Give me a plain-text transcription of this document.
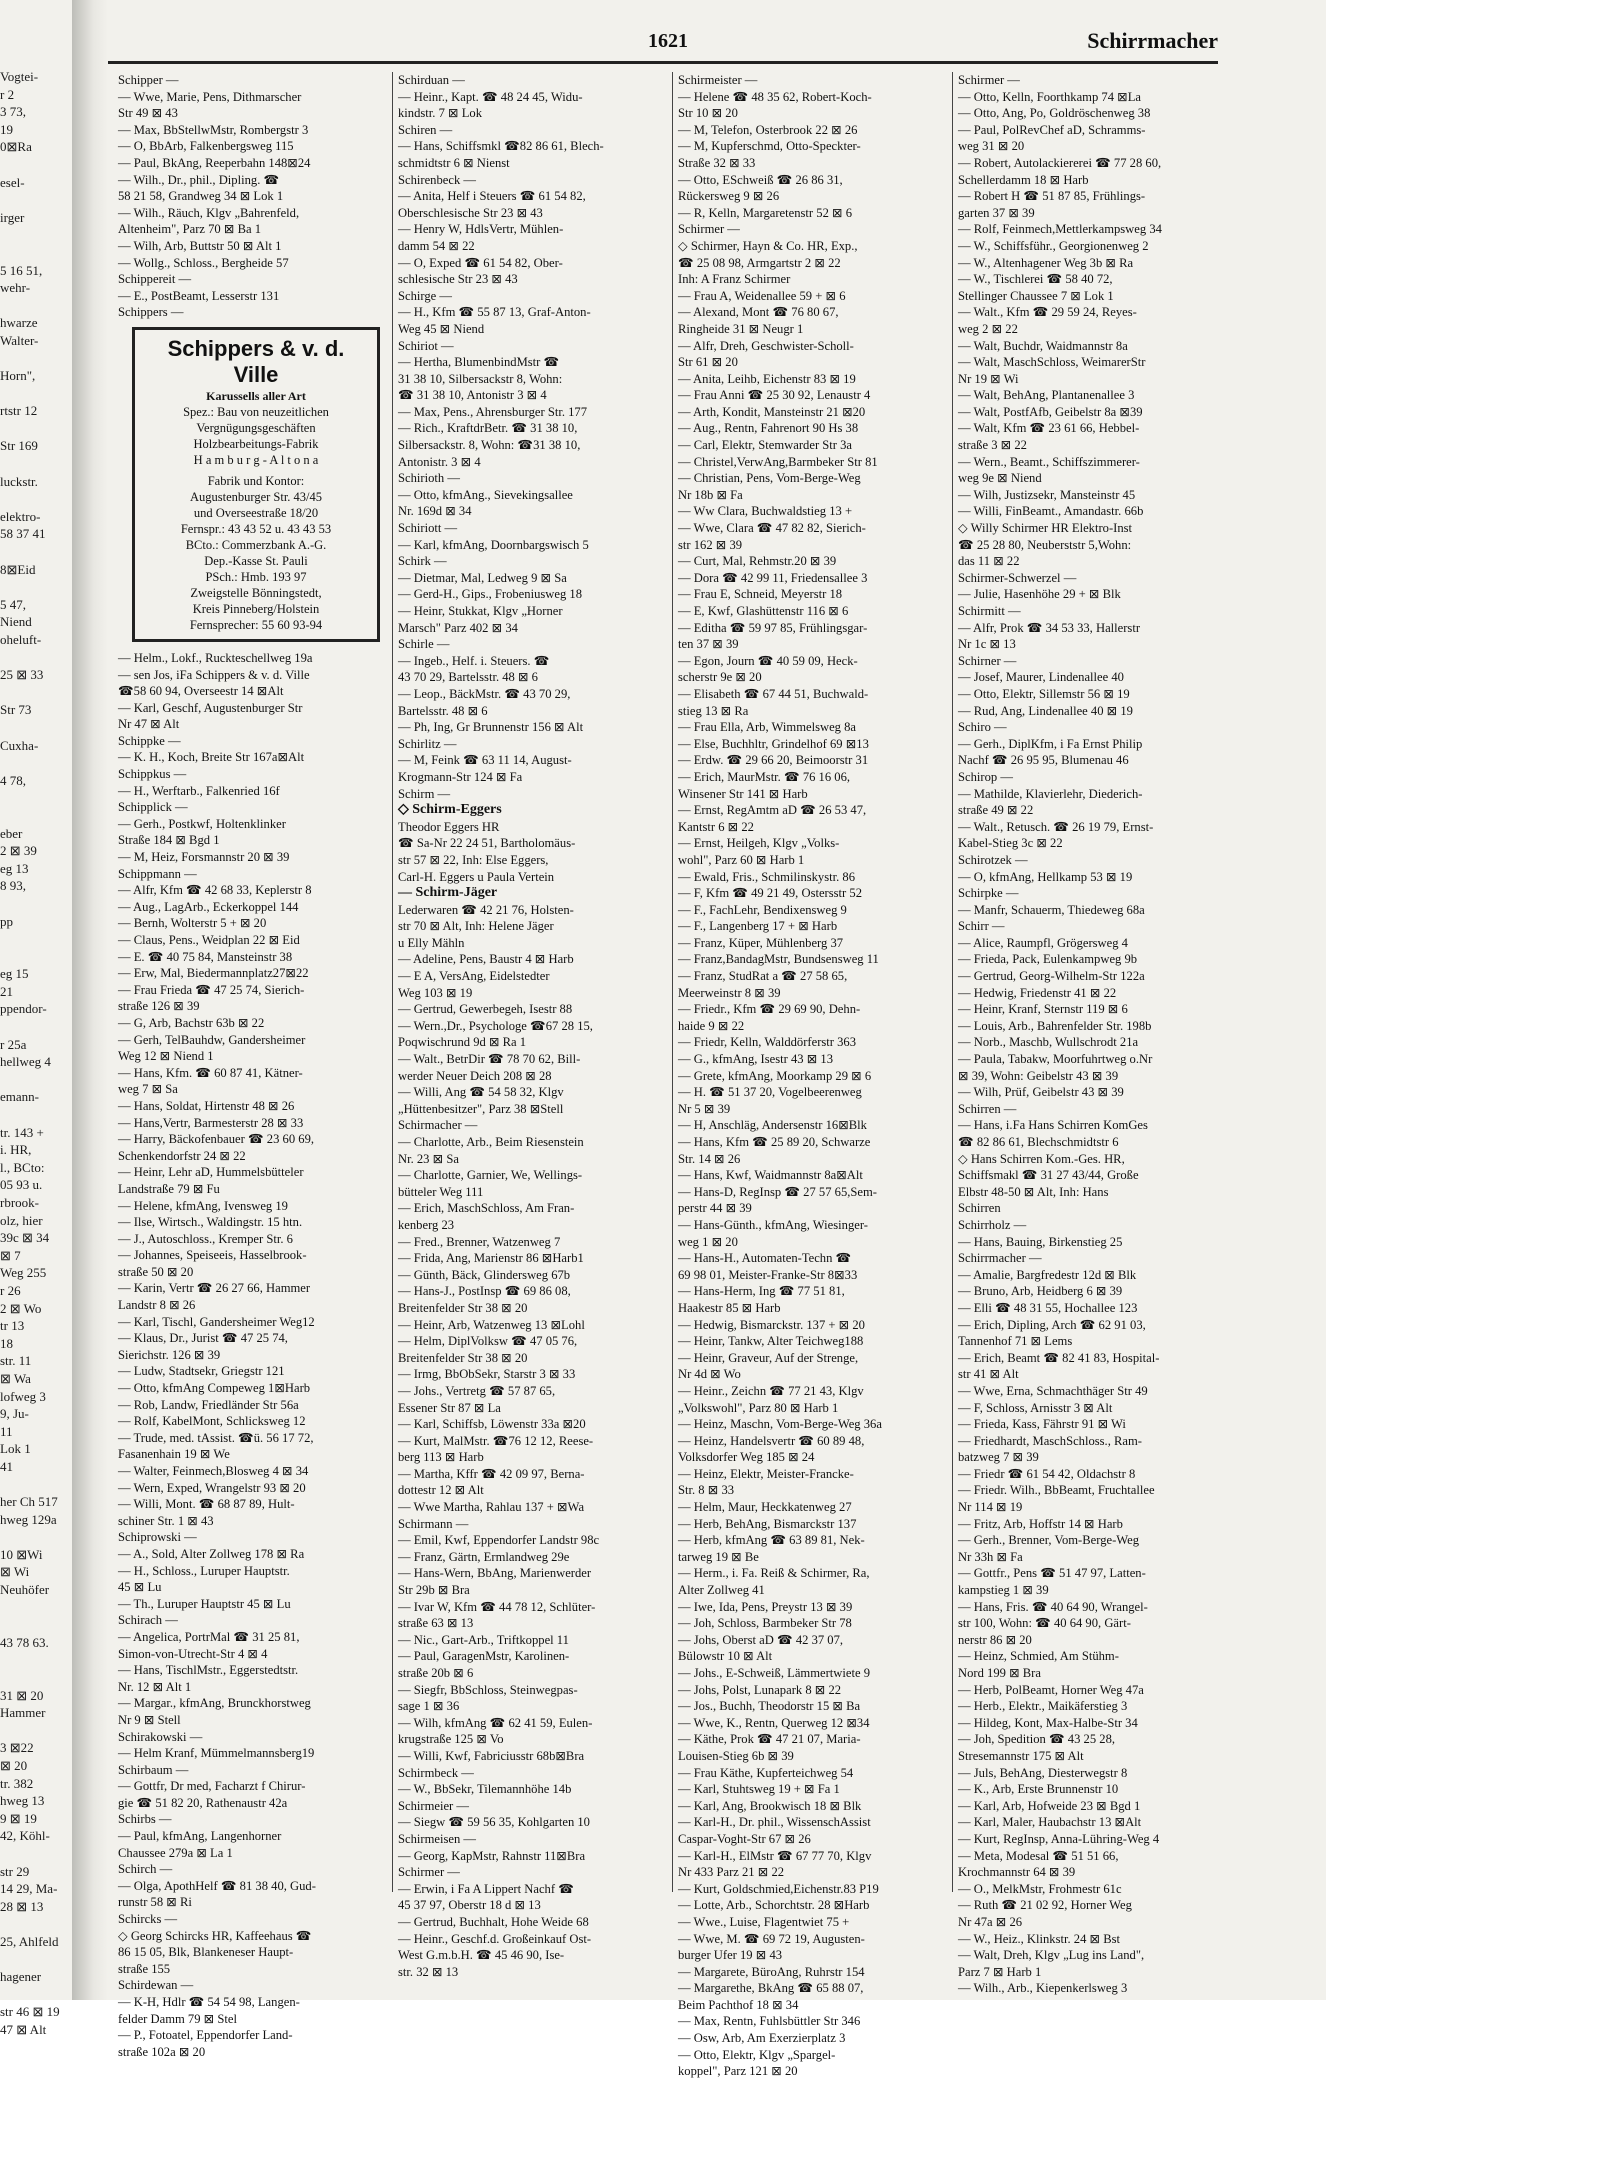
Vogtei-
r 2
3 73,
19
0⊠Ra
esel-
irger
5 16 51,
wehr-
hwarze
Walter-
Horn",
rtstr 12
Str 169
luckstr.
elektro-
58 37 41
8⊠Eid
5 47,
Niend
oheluft-
25 ⊠ 33
Str 73
Cuxha-
4 78,
eber
2 ⊠ 39
eg 13
8 93,
pp
eg 15
21
ppendor-
r 25a
hellweg 4
emann-
tr. 143 +
i. HR,
l., BCto:
05 93 u.
rbrook-
olz, hier
39c ⊠ 34
⊠ 7
Weg 255
r 26
2 ⊠ Wo
tr 13
18
str. 11
⊠ Wa
lofweg 3
9, Ju-
11
Lok 1
41
her Ch 517
hweg 129a
10 ⊠Wi
⊠ Wi
Neuhöfer
43 78 63.
31 ⊠ 20
Hammer
3 ⊠22
⊠ 20
tr. 382
hweg 13
9 ⊠ 19
42, Köhl-
str 29
14 29, Ma-
28 ⊠ 13
25, Ahlfeld
hagener
str 46 ⊠ 19
47 ⊠ Alt
1621	Schirrmacher
Schipper —
— Wwe, Marie, Pens, Dithmarscher
Str 49 ⊠ 43
— Max, BbStellwMstr, Rombergstr 3
— O, BbArb, Falkenbergsweg 115
— Paul, BkAng, Reeperbahn 148⊠24
— Wilh., Dr., phil., Dipling. ☎
58 21 58, Grandweg 34 ⊠ Lok 1
— Wilh., Räuch, Klgv „Bahrenfeld,
Altenheim", Parz 70 ⊠ Ba 1
— Wilh, Arb, Buttstr 50 ⊠ Alt 1
— Wollg., Schloss., Bergheide 57
Schippereit —
— E., PostBeamt, Lesserstr 131
Schippers —
Schippers & v. d. Ville
Karussells aller Art
Spez.: Bau von neuzeitlichen
Vergnügungsgeschäften
Holzbearbeitungs-Fabrik
H a m b u r g - A l t o n a
Fabrik und Kontor:
Augustenburger Str. 43/45
und Overseestraße 18/20
Fernspr.: 43 43 52 u. 43 43 53
BCto.: Commerzbank A.-G.
Dep.-Kasse St. Pauli
PSch.: Hmb. 193 97
Zweigstelle Bönningstedt,
Kreis Pinneberg/Holstein
Fernsprecher: 55 60 93-94
— Helm., Lokf., Ruckteschellweg 19a
— sen Jos, iFa Schippers & v. d. Ville
☎58 60 94, Overseestr 14 ⊠Alt
— Karl, Geschf, Augustenburger Str
Nr 47 ⊠ Alt
Schippke —
— K. H., Koch, Breite Str 167a⊠Alt
Schippkus —
— H., Werftarb., Falkenried 16f
Schipplick —
— Gerh., Postkwf, Holtenklinker
Straße 184 ⊠ Bgd 1
— M, Heiz, Forsmannstr 20 ⊠ 39
Schippmann —
— Alfr, Kfm ☎ 42 68 33, Keplerstr 8
— Aug., LagArb., Eckerkoppel 144
— Bernh, Wolterstr 5 + ⊠ 20
— Claus, Pens., Weidplan 22 ⊠ Eid
— E. ☎ 40 75 84, Mansteinstr 38
— Erw, Mal, Biedermannplatz27⊠22
— Frau Frieda ☎ 47 25 74, Sierich-
straße 126 ⊠ 39
— G, Arb, Bachstr 63b ⊠ 22
— Gerh, TelBauhdw, Gandersheimer
Weg 12 ⊠ Niend 1
— Hans, Kfm. ☎ 60 87 41, Kätner-
weg 7 ⊠ Sa
— Hans, Soldat, Hirtenstr 48 ⊠ 26
— Hans,Vertr, Barmesterstr 28 ⊠ 33
— Harry, Bäckofenbauer ☎ 23 60 69,
Schenkendorfstr 24 ⊠ 22
— Heinr, Lehr aD, Hummelsbütteler
Landstraße 79 ⊠ Fu
— Helene, kfmAng, Ivensweg 19
— Ilse, Wirtsch., Waldingstr. 15 htn.
— J., Autoschloss., Kremper Str. 6
— Johannes, Speiseeis, Hasselbrook-
straße 50 ⊠ 20
— Karin, Vertr ☎ 26 27 66, Hammer
Landstr 8 ⊠ 26
— Karl, Tischl, Gandersheimer Weg12
— Klaus, Dr., Jurist ☎ 47 25 74,
Sierichstr. 126 ⊠ 39
— Ludw, Stadtsekr, Griegstr 121
— Otto, kfmAng Compeweg 1⊠Harb
— Rob, Landw, Friedländer Str 56a
— Rolf, KabelMont, Schlicksweg 12
— Trude, med. tAssist. ☎ü. 56 17 72,
Fasanenhain 19 ⊠ We
— Walter, Feinmech,Blosweg 4 ⊠ 34
— Wern, Exped, Wrangelstr 93 ⊠ 20
— Willi, Mont. ☎ 68 87 89, Hult-
schiner Str. 1 ⊠ 43
Schiprowski —
— A., Sold, Alter Zollweg 178 ⊠ Ra
— H., Schloss., Luruper Hauptstr.
45 ⊠ Lu
— Th., Luruper Hauptstr 45 ⊠ Lu
Schirach —
— Angelica, PortrMal ☎ 31 25 81,
Simon-von-Utrecht-Str 4 ⊠ 4
— Hans, TischlMstr., Eggerstedtstr.
Nr. 12 ⊠ Alt 1
— Margar., kfmAng, Brunckhorstweg
Nr 9 ⊠ Stell
Schirakowski —
— Helm Kranf, Mümmelmannsberg19
Schirbaum —
— Gottfr, Dr med, Facharzt f Chirur-
gie ☎ 51 82 20, Rathenaustr 42a
Schirbs —
— Paul, kfmAng, Langenhorner
Chaussee 279a ⊠ La 1
Schirch —
— Olga, ApothHelf ☎ 81 38 40, Gud-
runstr 58 ⊠ Ri
Schircks —
◇ Georg Schircks HR, Kaffeehaus ☎
86 15 05, Blk, Blankeneser Haupt-
straße 155
Schirdewan —
— K-H, Hdlr ☎ 54 54 98, Langen-
felder Damm 79 ⊠ Stel
— P., Fotoatel, Eppendorfer Land-
straße 102a ⊠ 20
Schirduan —
— Heinr., Kapt. ☎ 48 24 45, Widu-
kindstr. 7 ⊠ Lok
Schiren —
— Hans, Schiffsmkl ☎82 86 61, Blech-
schmidtstr 6 ⊠ Nienst
Schirenbeck —
— Anita, Helf i Steuers ☎ 61 54 82,
Oberschlesische Str 23 ⊠ 43
— Henry W, HdlsVertr, Mühlen-
damm 54 ⊠ 22
— O, Exped ☎ 61 54 82, Ober-
schlesische Str 23 ⊠ 43
Schirge —
— H., Kfm ☎ 55 87 13, Graf-Anton-
Weg 45 ⊠ Niend
Schiriot —
— Hertha, BlumenbindMstr ☎
31 38 10, Silbersackstr 8, Wohn:
☎ 31 38 10, Antonistr 3 ⊠ 4
— Max, Pens., Ahrensburger Str. 177
— Rich., KraftdrBetr. ☎ 31 38 10,
Silbersackstr. 8, Wohn: ☎31 38 10,
Antonistr. 3 ⊠ 4
Schirioth —
— Otto, kfmAng., Sievekingsallee
Nr. 169d ⊠ 34
Schiriott —
— Karl, kfmAng, Doornbargswisch 5
Schirk —
— Dietmar, Mal, Ledweg 9 ⊠ Sa
— Gerd-H., Gips., Frobeniusweg 18
— Heinr, Stukkat, Klgv „Horner
Marsch" Parz 402 ⊠ 34
Schirle —
— Ingeb., Helf. i. Steuers. ☎
43 70 29, Bartelsstr. 48 ⊠ 6
— Leop., BäckMstr. ☎ 43 70 29,
Bartelsstr. 48 ⊠ 6
— Ph, Ing, Gr Brunnenstr 156 ⊠ Alt
Schirlitz —
— M, Feink ☎ 63 11 14, August-
Krogmann-Str 124 ⊠ Fa
Schirm —
◇ Schirm-Eggers
Theodor Eggers HR
☎ Sa-Nr 22 24 51, Bartholomäus-
str 57 ⊠ 22, Inh: Else Eggers,
Carl-H. Eggers u Paula Vertein
— Schirm-Jäger
Lederwaren ☎ 42 21 76, Holsten-
str 70 ⊠ Alt, Inh: Helene Jäger
u Elly Mähln
— Adeline, Pens, Baustr 4 ⊠ Harb
— E A, VersAng, Eidelstedter
Weg 103 ⊠ 19
— Gertrud, Gewerbegeh, Isestr 88
— Wern.,Dr., Psychologe ☎67 28 15,
Poqwischrund 9d ⊠ Ra 1
— Walt., BetrDir ☎ 78 70 62, Bill-
werder Neuer Deich 208 ⊠ 28
— Willi, Ang ☎ 54 58 32, Klgv
„Hüttenbesitzer", Parz 38 ⊠Stell
Schirmacher —
— Charlotte, Arb., Beim Riesenstein
Nr. 23 ⊠ Sa
— Charlotte, Garnier, We, Wellings-
bütteler Weg 111
— Erich, MaschSchloss, Am Fran-
kenberg 23
— Fred., Brenner, Watzenweg 7
— Frida, Ang, Marienstr 86 ⊠Harb1
— Günth, Bäck, Glindersweg 67b
— Hans-J., PostInsp ☎ 69 86 08,
Breitenfelder Str 38 ⊠ 20
— Heinr, Arb, Watzenweg 13 ⊠Lohl
— Helm, DiplVolksw ☎ 47 05 76,
Breitenfelder Str 38 ⊠ 20
— Irmg, BbObSekr, Starstr 3 ⊠ 33
— Johs., Vertretg ☎ 57 87 65,
Essener Str 87 ⊠ La
— Karl, Schiffsb, Löwenstr 33a ⊠20
— Kurt, MalMstr. ☎76 12 12, Reese-
berg 113 ⊠ Harb
— Martha, Kffr ☎ 42 09 97, Berna-
dottestr 12 ⊠ Alt
— Wwe Martha, Rahlau 137 + ⊠Wa
Schirmann —
— Emil, Kwf, Eppendorfer Landstr 98c
— Franz, Gärtn, Ermlandweg 29e
— Hans-Wern, BbAng, Marienwerder
Str 29b ⊠ Bra
— Ivar W, Kfm ☎ 44 78 12, Schlüter-
straße 63 ⊠ 13
— Nic., Gart-Arb., Triftkoppel 11
— Paul, GaragenMstr, Karolinen-
straße 20b ⊠ 6
— Siegfr, BbSchloss, Steinwegpas-
sage 1 ⊠ 36
— Wilh, kfmAng ☎ 62 41 59, Eulen-
krugstraße 125 ⊠ Vo
— Willi, Kwf, Fabriciusstr 68b⊠Bra
Schirmbeck —
— W., BbSekr, Tilemannhöhe 14b
Schirmeier —
— Siegw ☎ 59 56 35, Kohlgarten 10
Schirmeisen —
— Georg, KapMstr, Rahnstr 11⊠Bra
Schirmer —
— Erwin, i Fa A Lippert Nachf ☎
45 37 97, Oberstr 18 d ⊠ 13
— Gertrud, Buchhalt, Hohe Weide 68
— Heinr., Geschf.d. Großeinkauf Ost-
West G.m.b.H. ☎ 45 46 90, Ise-
str. 32 ⊠ 13
Schirmeister —
— Helene ☎ 48 35 62, Robert-Koch-
Str 10 ⊠ 20
— M, Telefon, Osterbrook 22 ⊠ 26
— M, Kupferschmd, Otto-Speckter-
Straße 32 ⊠ 33
— Otto, ESchweiß ☎ 26 86 31,
Rückersweg 9 ⊠ 26
— R, Kelln, Margaretenstr 52 ⊠ 6
Schirmer —
◇ Schirmer, Hayn & Co. HR, Exp.,
☎ 25 08 98, Armgartstr 2 ⊠ 22
Inh: A Franz Schirmer
— Frau A, Weidenallee 59 + ⊠ 6
— Alexand, Mont ☎ 76 80 67,
Ringheide 31 ⊠ Neugr 1
— Alfr, Dreh, Geschwister-Scholl-
Str 61 ⊠ 20
— Anita, Leihb, Eichenstr 83 ⊠ 19
— Frau Anni ☎ 25 30 92, Lenaustr 4
— Arth, Kondit, Mansteinstr 21 ⊠20
— Aug., Rentn, Fahrenort 90 Hs 38
— Carl, Elektr, Stemwarder Str 3a
— Christel,VerwAng,Barmbeker Str 81
— Christian, Pens, Vom-Berge-Weg
Nr 18b ⊠ Fa
— Ww Clara, Buchwaldstieg 13 +
— Wwe, Clara ☎ 47 82 82, Sierich-
str 162 ⊠ 39
— Curt, Mal, Rehmstr.20 ⊠ 39
— Dora ☎ 42 99 11, Friedensallee 3
— Frau E, Schneid, Meyerstr 18
— E, Kwf, Glashüttenstr 116 ⊠ 6
— Editha ☎ 59 97 85, Frühlingsgar-
ten 37 ⊠ 39
— Egon, Journ ☎ 40 59 09, Heck-
scherstr 9e ⊠ 20
— Elisabeth ☎ 67 44 51, Buchwald-
stieg 13 ⊠ Ra
— Frau Ella, Arb, Wimmelsweg 8a
— Else, Buchhltr, Grindelhof 69 ⊠13
— Erdw. ☎ 29 66 20, Beimoorstr 31
— Erich, MaurMstr. ☎ 76 16 06,
Winsener Str 141 ⊠ Harb
— Ernst, RegAmtm aD ☎ 26 53 47,
Kantstr 6 ⊠ 22
— Ernst, Heilgeh, Klgv „Volks-
wohl", Parz 60 ⊠ Harb 1
— Ewald, Fris., Schmilinskystr. 86
— F, Kfm ☎ 49 21 49, Ostersstr 52
— F., FachLehr, Bendixensweg 9
— F., Langenberg 17 + ⊠ Harb
— Franz, Küper, Mühlenberg 37
— Franz,BandagMstr, Bundsensweg 11
— Franz, StudRat a ☎ 27 58 65,
Meerweinstr 8 ⊠ 39
— Friedr., Kfm ☎ 29 69 90, Dehn-
haide 9 ⊠ 22
— Friedr, Kelln, Walddörferstr 363
— G., kfmAng, Isestr 43 ⊠ 13
— Grete, kfmAng, Moorkamp 29 ⊠ 6
— H. ☎ 51 37 20, Vogelbeerenweg
Nr 5 ⊠ 39
— H, Anschläg, Andersenstr 16⊠Blk
— Hans, Kfm ☎ 25 89 20, Schwarze
Str. 14 ⊠ 26
— Hans, Kwf, Waidmannstr 8a⊠Alt
— Hans-D, RegInsp ☎ 27 57 65,Sem-
perstr 44 ⊠ 39
— Hans-Günth., kfmAng, Wiesinger-
weg 1 ⊠ 20
— Hans-H., Automaten-Techn ☎
69 98 01, Meister-Franke-Str 8⊠33
— Hans-Herm, Ing ☎ 77 51 81,
Haakestr 85 ⊠ Harb
— Hedwig, Bismarckstr. 137 + ⊠ 20
— Heinr, Tankw, Alter Teichweg188
— Heinr, Graveur, Auf der Strenge,
Nr 4d ⊠ Wo
— Heinr., Zeichn ☎ 77 21 43, Klgv
„Volkswohl", Parz 80 ⊠ Harb 1
— Heinz, Maschn, Vom-Berge-Weg 36a
— Heinz, Handelsvertr ☎ 60 89 48,
Volksdorfer Weg 185 ⊠ 24
— Heinz, Elektr, Meister-Francke-
Str. 8 ⊠ 33
— Helm, Maur, Heckkatenweg 27
— Herb, BehAng, Bismarckstr 137
— Herb, kfmAng ☎ 63 89 81, Nek-
tarweg 19 ⊠ Be
— Herm., i. Fa. Reiß & Schirmer, Ra,
Alter Zollweg 41
— Iwe, Ida, Pens, Preystr 13 ⊠ 39
— Joh, Schloss, Barmbeker Str 78
— Johs, Oberst aD ☎ 42 37 07,
Bülowstr 10 ⊠ Alt
— Johs., E-Schweiß, Lämmertwiete 9
— Johs, Polst, Lunapark 8 ⊠ 22
— Jos., Buchh, Theodorstr 15 ⊠ Ba
— Wwe, K., Rentn, Querweg 12 ⊠34
— Käthe, Prok ☎ 47 21 07, Maria-
Louisen-Stieg 6b ⊠ 39
— Frau Käthe, Kupferteichweg 54
— Karl, Stuhtsweg 19 + ⊠ Fa 1
— Karl, Ang, Brookwisch 18 ⊠ Blk
— Karl-H., Dr. phil., WissenschAssist
Caspar-Voght-Str 67 ⊠ 26
— Karl-H., ElMstr ☎ 67 77 70, Klgv
Nr 433 Parz 21 ⊠ 22
— Kurt, Goldschmied,Eichenstr.83 P19
— Lotte, Arb., Schorchtstr. 28 ⊠Harb
— Wwe., Luise, Flagentwiet 75 +
— Wwe, M. ☎ 69 72 19, Augusten-
burger Ufer 19 ⊠ 43
— Margarete, BüroAng, Ruhrstr 154
— Margarethe, BkAng ☎ 65 88 07,
Beim Pachthof 18 ⊠ 34
— Max, Rentn, Fuhlsbüttler Str 346
— Osw, Arb, Am Exerzierplatz 3
— Otto, Elektr, Klgv „Spargel-
koppel", Parz 121 ⊠ 20
Schirmer —
— Otto, Kelln, Foorthkamp 74 ⊠La
— Otto, Ang, Po, Goldröschenweg 38
— Paul, PolRevChef aD, Schramms-
weg 31 ⊠ 20
— Robert, Autolackiererei ☎ 77 28 60,
Schellerdamm 18 ⊠ Harb
— Robert H ☎ 51 87 85, Frühlings-
garten 37 ⊠ 39
— Rolf, Feinmech,Mettlerkampsweg 34
— W., Schiffsführ., Georgionenweg 2
— W., Altenhagener Weg 3b ⊠ Ra
— W., Tischlerei ☎ 58 40 72,
Stellinger Chaussee 7 ⊠ Lok 1
— Walt., Kfm ☎ 29 59 24, Reyes-
weg 2 ⊠ 22
— Walt, Buchdr, Waidmannstr 8a
— Walt, MaschSchloss, WeimarerStr
Nr 19 ⊠ Wi
— Walt, BehAng, Plantanenallee 3
— Walt, PostfAfb, Geibelstr 8a ⊠39
— Walt, Kfm ☎ 23 61 66, Hebbel-
straße 3 ⊠ 22
— Wern., Beamt., Schiffszimmerer-
weg 9e ⊠ Niend
— Wilh, Justizsekr, Mansteinstr 45
— Willi, FinBeamt., Amandastr. 66b
◇ Willy Schirmer HR Elektro-Inst
☎ 25 28 80, Neuberststr 5,Wohn:
das 11 ⊠ 22
Schirmer-Schwerzel —
— Julie, Hasenhöhe 29 + ⊠ Blk
Schirmitt —
— Alfr, Prok ☎ 34 53 33, Hallerstr
Nr 1c ⊠ 13
Schirner —
— Josef, Maurer, Lindenallee 40
— Otto, Elektr, Sillemstr 56 ⊠ 19
— Rud, Ang, Lindenallee 40 ⊠ 19
Schiro —
— Gerh., DiplKfm, i Fa Ernst Philip
Nachf ☎ 26 95 95, Blumenau 46
Schirop —
— Mathilde, Klavierlehr, Diederich-
straße 49 ⊠ 22
— Walt., Retusch. ☎ 26 19 79, Ernst-
Kabel-Stieg 3c ⊠ 22
Schirotzek —
— O, kfmAng, Hellkamp 53 ⊠ 19
Schirpke —
— Manfr, Schauerm, Thiedeweg 68a
Schirr —
— Alice, Raumpfl, Grögersweg 4
— Frieda, Pack, Eulenkampweg 9b
— Gertrud, Georg-Wilhelm-Str 122a
— Hedwig, Friedenstr 41 ⊠ 22
— Heinr, Kranf, Sternstr 119 ⊠ 6
— Louis, Arb., Bahrenfelder Str. 198b
— Norb., Maschb, Wullschrodt 21a
— Paula, Tabakw, Moorfuhrtweg o.Nr
⊠ 39, Wohn: Geibelstr 43 ⊠ 39
— Wilh, Prüf, Geibelstr 43 ⊠ 39
Schirren —
— Hans, i.Fa Hans Schirren KomGes
☎ 82 86 61, Blechschmidtstr 6
◇ Hans Schirren Kom.-Ges. HR,
Schiffsmakl ☎ 31 27 43/44, Große
Elbstr 48-50 ⊠ Alt, Inh: Hans
Schirren
Schirrholz —
— Hans, Bauing, Birkenstieg 25
Schirrmacher —
— Amalie, Bargfredestr 12d ⊠ Blk
— Bruno, Arb, Heidberg 6 ⊠ 39
— Elli ☎ 48 31 55, Hochallee 123
— Erich, Dipling, Arch ☎ 62 91 03,
Tannenhof 71 ⊠ Lems
— Erich, Beamt ☎ 82 41 83, Hospital-
str 41 ⊠ Alt
— Wwe, Erna, Schmachthäger Str 49
— F, Schloss, Arnisstr 3 ⊠ Alt
— Frieda, Kass, Fährstr 91 ⊠ Wi
— Friedhardt, MaschSchloss., Ram-
batzweg 7 ⊠ 39
— Friedr ☎ 61 54 42, Oldachstr 8
— Friedr. Wilh., BbBeamt, Fruchtallee
Nr 114 ⊠ 19
— Fritz, Arb, Hoffstr 14 ⊠ Harb
— Gerh., Brenner, Vom-Berge-Weg
Nr 33h ⊠ Fa
— Gottfr., Pens ☎ 51 47 97, Latten-
kampstieg 1 ⊠ 39
— Hans, Fris. ☎ 40 64 90, Wrangel-
str 100, Wohn: ☎ 40 64 90, Gärt-
nerstr 86 ⊠ 20
— Heinz, Schmied, Am Stühm-
Nord 199 ⊠ Bra
— Herb, PolBeamt, Horner Weg 47a
— Herb., Elektr., Maikäferstieg 3
— Hildeg, Kont, Max-Halbe-Str 34
— Joh, Spedition ☎ 43 25 28,
Stresemannstr 175 ⊠ Alt
— Juls, BehAng, Diesterwegstr 8
— K., Arb, Erste Brunnenstr 10
— Karl, Arb, Hofweide 23 ⊠ Bgd 1
— Karl, Maler, Haubachstr 13 ⊠Alt
— Kurt, RegInsp, Anna-Lühring-Weg 4
— Meta, Modesal ☎ 51 51 66,
Krochmannstr 64 ⊠ 39
— O., MelkMstr, Frohmestr 61c
— Ruth ☎ 21 02 92, Horner Weg
Nr 47a ⊠ 26
— W., Heiz., Klinkstr. 24 ⊠ Bst
— Walt, Dreh, Klgv „Lug ins Land",
Parz 7 ⊠ Harb 1
— Wilh., Arb., Kiepenkerlsweg 3
